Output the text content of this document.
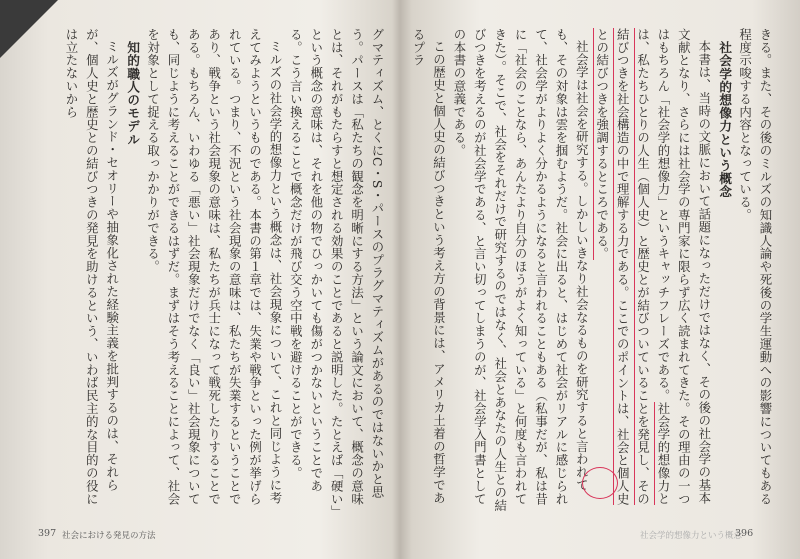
きる。また、その後のミルズの知識人論や死後の学生運動への影響についてもある程度示唆する内容となっている。

社会学的想像力という概念

本書は、当時の文脈において話題になっただけではなく、その後の社会学の基本文献となり、さらには社会学の専門家に限らず広く読まれてきた。その理由の一つはもちろん「社会学的想像力」というキャッチフレーズである。社会学的想像力とは、私たちひとりの人生（個人史）と歴史とが結びついていることを発見し、その結びつきを社会構造の中で理解する力である。ここでのポイントは、社会と個人史との結びつきを強調するところである。

社会学は社会を研究する。しかしいきなり社会なるものを研究すると言われても、その対象は雲を掴むようだ。社会に出ると、はじめて社会がリアルに感じられて、社会学がよりよく分かるようになると言われることもある（私事だが、私は昔に「社会のことなら、あんたより自分のほうがよく知っている」と何度も言われてきた）。そこで、社会をそれだけで研究するのではなく、社会とあなたの人生との結びつきを考えるのが社会学である、と言い切ってしまうのが、社会学入門書としての本書の意義である。

この歴史と個人史の結びつきという考え方の背景には、アメリカ土着の哲学であるプラ

グマティズム、とくにC・S・パースのプラグマティズムがあるのではないかと思う。パースは「私たちの観念を明晰にする方法」という論文において、概念の意味とは、それがもたらすと想定される効果のことであると説明した。たとえば「硬い」という概念の意味は、それを他の物でひっかいても傷がつかないということである。こう言い換えることで概念だけが飛び交う空中戦を避けることができる。

ミルズの社会学的想像力という概念は、社会現象について、これと同じように考えてみようというものである。本書の第１章では、失業や戦争といった例が挙げられている。つまり、不況という社会現象の意味は、私たちが失業するということであり、戦争という社会現象の意味は、私たちが兵士になって戦死したりすることである。もちろん、いわゆる「悪い」社会現象だけでなく「良い」社会現象についても、同じように考えることができるはずだ。まずはそう考えることによって、社会を対象として捉える取っかかりができる。

知的職人のモデル

ミルズがグランド・セオリーや抽象化された経験主義を批判するのは、それらが、個人史と歴史との結びつきの発見を助けるという、いわば民主的な目的の役には立たないから

397 社会における発見の方法	社会学的想像力という概念
396
